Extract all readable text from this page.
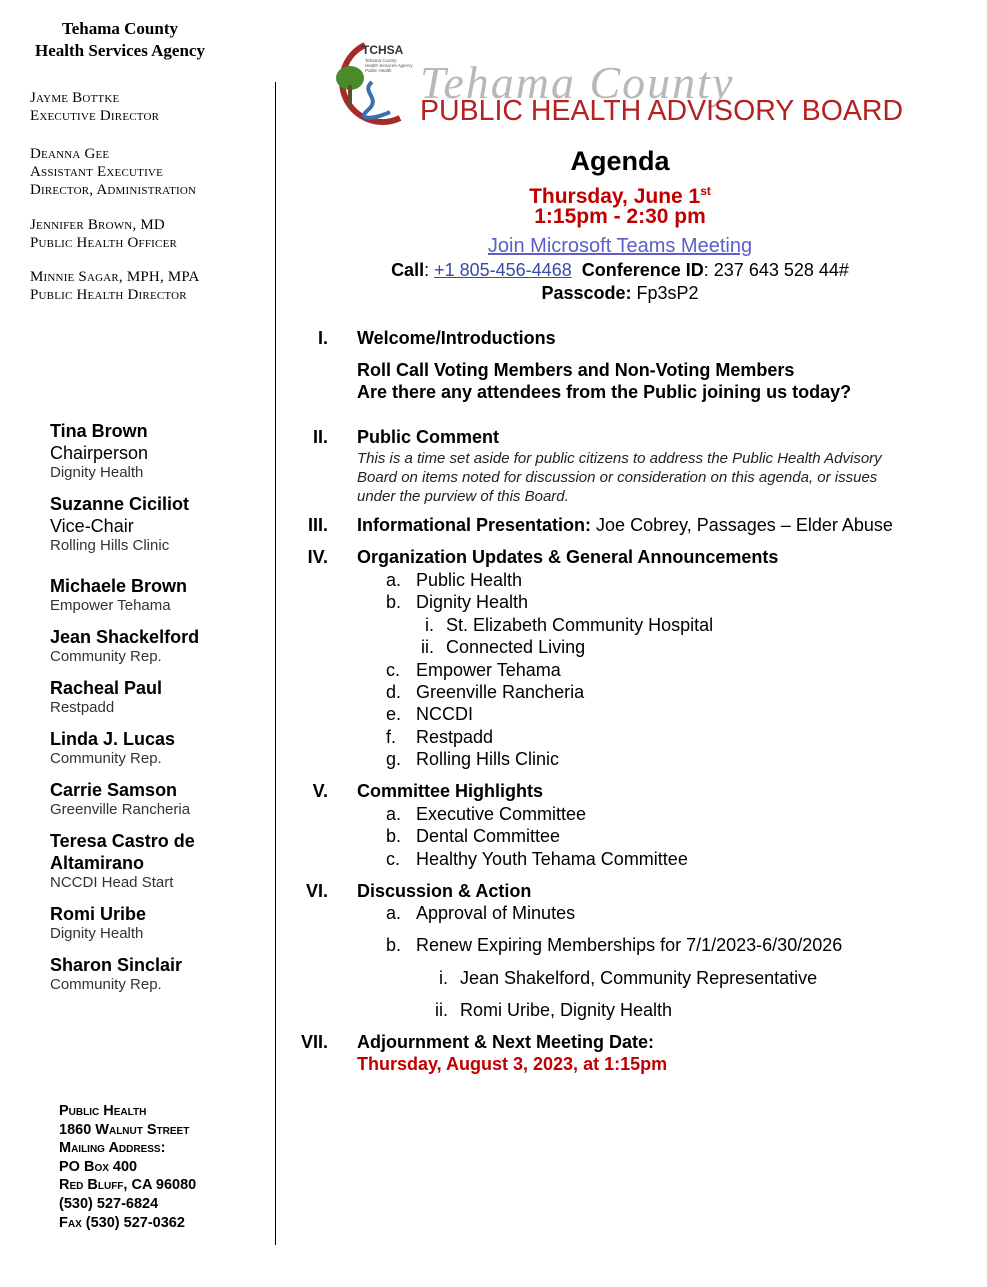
Tehama County
Health Services Agency
Jayme Bottke
Executive Director
Deanna Gee
Assistant Executive
Director, Administration
Jennifer Brown, MD
Public Health Officer
Minnie Sagar, MPH, MPA
Public Health Director
Tina Brown
Chairperson
Dignity Health
Suzanne Ciciliot
Vice-Chair
Rolling Hills Clinic
Michaele Brown
Empower Tehama
Jean Shackelford
Community Rep.
Racheal Paul
Restpadd
Linda J. Lucas
Community Rep.
Carrie Samson
Greenville Rancheria
Teresa Castro de
Altamirano
NCCDI Head Start
Romi Uribe
Dignity Health
Sharon Sinclair
Community Rep.
Public Health
1860 Walnut Street
Mailing Address:
PO Box 400
Red Bluff, CA 96080
(530) 527-6824
Fax (530) 527-0362
TCHSA
Tehama County
Health Services Agency
Public Health Tehama County
PUBLIC HEALTH ADVISORY BOARD
Agenda
Thursday, June 1st
1:15pm - 2:30 pm
Join Microsoft Teams Meeting
Call: +1 805-456-4468 Conference ID: 237 643 528 44#
Passcode: Fp3sP2
I. Welcome/Introductions
Roll Call Voting Members and Non-Voting Members
Are there any attendees from the Public joining us today?
II. Public Comment
This is a time set aside for public citizens to address the Public Health Advisory
Board on items noted for discussion or consideration on this agenda, or issues
under the purview of this Board.
III. Informational Presentation: Joe Cobrey, Passages – Elder Abuse
IV. Organization Updates & General Announcements
a. Public Health
b. Dignity Health
i. St. Elizabeth Community Hospital
ii. Connected Living
c. Empower Tehama
d. Greenville Rancheria
e. NCCDI
f. Restpadd
g. Rolling Hills Clinic
V. Committee Highlights
a. Executive Committee
b. Dental Committee
c. Healthy Youth Tehama Committee
VI. Discussion & Action
a. Approval of Minutes
b. Renew Expiring Memberships for 7/1/2023-6/30/2026
i. Jean Shakelford, Community Representative
ii. Romi Uribe, Dignity Health
VII. Adjournment & Next Meeting Date:
Thursday, August 3, 2023, at 1:15pm
